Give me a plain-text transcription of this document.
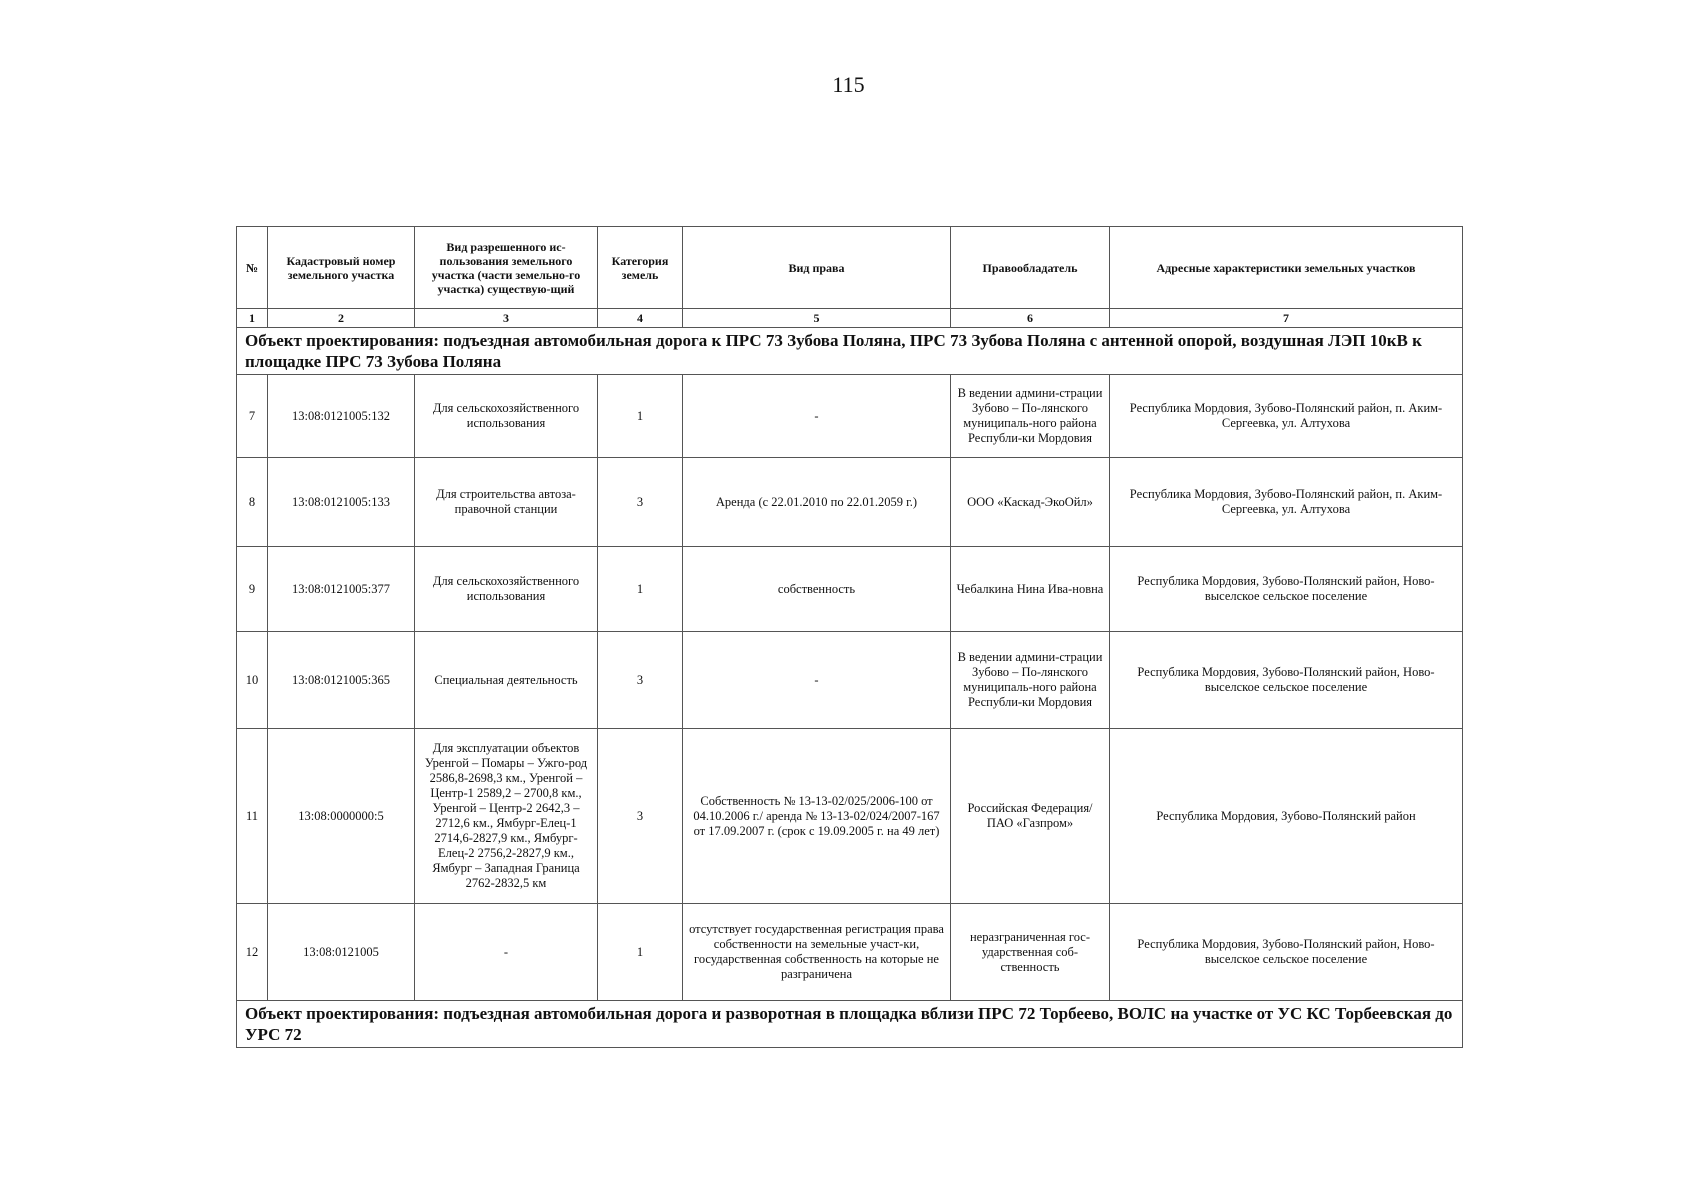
115
№	Кадастровый номер земельного участка	Вид разрешенного ис-пользования земельного участка (части земельно-го участка) существую-щий	Категория земель	Вид права	Правообладатель	Адресные характеристики земельных участков
1	2	3	4	5	6	7
Объект проектирования: подъездная автомобильная дорога к ПРС 73 Зубова Поляна, ПРС 73 Зубова Поляна с антенной опорой, воздушная ЛЭП 10кВ к площадке ПРС 73 Зубова Поляна						
7	13:08:0121005:132	Для сельскохозяйственного использования	1	-	В ведении админи-страции Зубово – По-лянского муниципаль-ного района Республи-ки Мордовия	Республика Мордовия, Зубово-Полянский район, п. Аким-Сергеевка, ул. Алтухова
8	13:08:0121005:133	Для строительства автоза-правочной станции	3	Аренда (с 22.01.2010 по 22.01.2059 г.)	ООО «Каскад-ЭкоОйл»	Республика Мордовия, Зубово-Полянский район, п. Аким-Сергеевка, ул. Алтухова
9	13:08:0121005:377	Для сельскохозяйственного использования	1	собственность	Чебалкина Нина Ива-новна	Республика Мордовия, Зубово-Полянский район, Ново-выселское сельское поселение
10	13:08:0121005:365	Специальная деятельность	3	-	В ведении админи-страции Зубово – По-лянского муниципаль-ного района Республи-ки Мордовия	Республика Мордовия, Зубово-Полянский район, Ново-выселское сельское поселение
11	13:08:0000000:5	Для эксплуатации объектов Уренгой – Помары – Ужго-род 2586,8-2698,3 км., Уренгой – Центр-1 2589,2 – 2700,8 км., Уренгой – Центр-2 2642,3 – 2712,6 км., Ямбург-Елец-1 2714,6-2827,9 км., Ямбург-Елец-2 2756,2-2827,9 км., Ямбург – Западная Граница 2762-2832,5 км	3	Собственность № 13-13-02/025/2006-100 от 04.10.2006 г./ аренда № 13-13-02/024/2007-167 от 17.09.2007 г. (срок с 19.09.2005 г. на 49 лет)	Российская Федерация/ ПАО «Газпром»	Республика Мордовия, Зубово-Полянский район
12	13:08:0121005	-	1	отсутствует государственная регистрация права собственности на земельные участ-ки, государственная собственность на которые не разграничена	неразграниченная гос-ударственная соб-ственность	Республика Мордовия, Зубово-Полянский район, Ново-выселское сельское поселение
Объект проектирования: подъездная автомобильная дорога и разворотная в площадка вблизи ПРС 72 Торбеево, ВОЛС на участке от УС КС Торбеевская до УРС 72						
